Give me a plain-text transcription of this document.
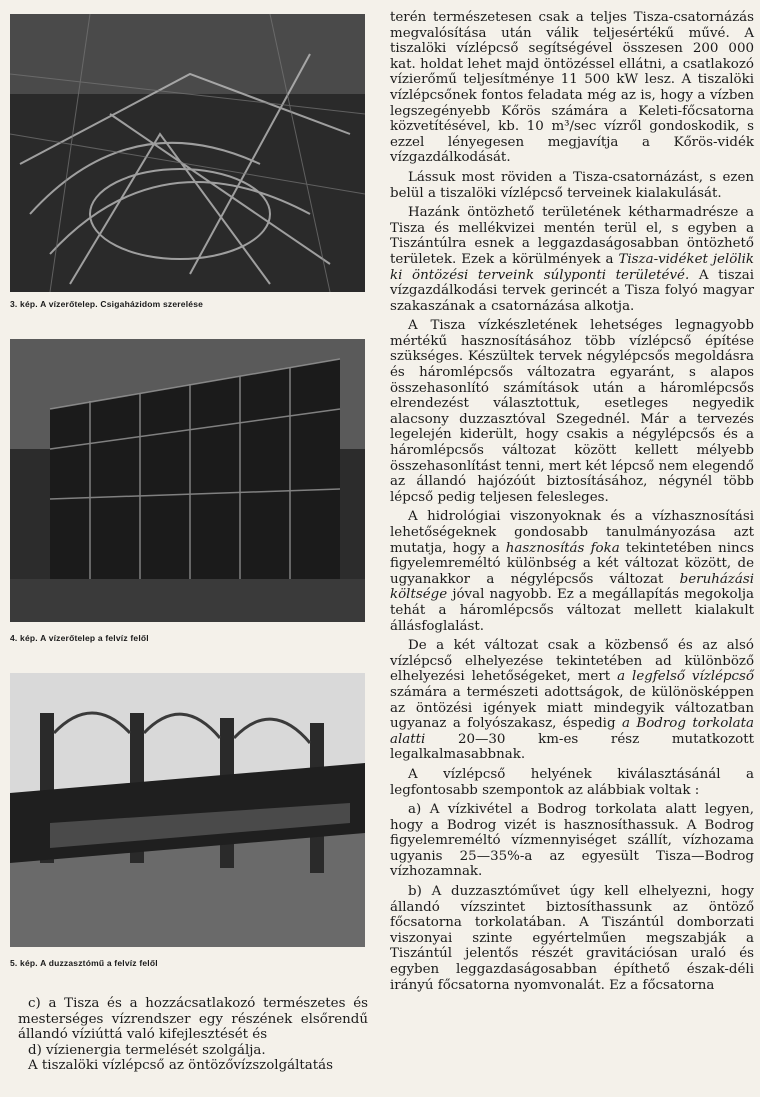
3. kép. A vízerőtelep. Csigaházidom szerelése
4. kép. A vízerőtelep a felvíz felől
5. kép. A duzzasztómű a felvíz felől

c) a Tisza és a hozzácsatlakozó természetes és mesterséges vízrendszer egy részének elsőrendű állandó víziúttá való kifejlesztését és

d) vízienergia termelését szolgálja.

A tiszalöki vízlépcső az öntözővízszolgáltatás

terén természetesen csak a teljes Tisza-csatornázás megvalósítása után válik teljesértékű művé. A tiszalöki vízlépcső segítségével összesen 200 000 kat. holdat lehet majd öntözéssel ellátni, a csatlakozó vízierőmű teljesítménye 11 500 kW lesz. A tiszalöki vízlépcsőnek fontos feladata még az is, hogy a vízben legszegényebb Kőrös számára a Keleti-főcsatorna közvetítésével, kb. 10 m³/sec vízről gondoskodik, s ezzel lényegesen megjavítja a Kőrös-vidék vízgazdálkodását.

Lássuk most röviden a Tisza-csatornázást, s ezen belül a tiszalöki vízlépcső terveinek kialakulását.

Hazánk öntözhető területének kétharmadrésze a Tisza és mellékvizei mentén terül el, s egyben a Tiszántúlra esnek a leggazdaságosabban öntözhető területek. Ezek a körülmények a Tisza-vidéket jelölik ki öntözési terveink súlyponti területévé. A tiszai vízgazdálkodási tervek gerincét a Tisza folyó magyar szakaszának a csatornázása alkotja.

A Tisza vízkészletének lehetséges legnagyobb mértékű hasznosításához több vízlépcső építése szükséges. Készültek tervek négylépcsős megoldásra és háromlépcsős változatra egyaránt, s alapos összehasonlító számítások után a háromlépcsős elrendezést választottuk, esetleges negyedik alacsony duzzasztóval Szegednél. Már a tervezés legelején kiderült, hogy csakis a négylépcsős és a háromlépcsős változat között kellett mélyebb összehasonlítást tenni, mert két lépcső nem elegendő az állandó hajózóút biztosításához, négynél több lépcső pedig teljesen felesleges.

A hidrológiai viszonyoknak és a vízhasznosítási lehetőségeknek gondosabb tanulmányozása azt mutatja, hogy a hasznosítás foka tekintetében nincs figyelemreméltó különbség a két változat között, de ugyanakkor a négylépcsős változat beruházási költsége jóval nagyobb. Ez a megállapítás megokolja tehát a háromlépcsős változat mellett kialakult állásfoglalást.

De a két változat csak a közbenső és az alsó vízlépcső elhelyezése tekintetében ad különböző elhelyezési lehetőségeket, mert a legfelső vízlépcső számára a természeti adottságok, de különösképpen az öntözési igények miatt mindegyik változatban ugyanaz a folyószakasz, éspedig a Bodrog torkolata alatti 20—30 km-es rész mutatkozott legalkalmasabbnak.

A vízlépcső helyének kiválasztásánál a legfontosabb szempontok az alábbiak voltak :

a) A vízkivétel a Bodrog torkolata alatt legyen, hogy a Bodrog vizét is hasznosíthassuk. A Bodrog figyelemreméltó vízmennyiséget szállít, vízhozama ugyanis 25—35%-a az egyesült Tisza—Bodrog vízhozamnak.

b) A duzzasztóművet úgy kell elhelyezni, hogy állandó vízszintet biztosíthassunk az öntöző főcsatorna torkolatában. A Tiszántúl domborzati viszonyai szinte egyértelműen megszabják a Tiszántúl jelentős részét gravitációsan uraló és egyben leggazdaságosabban építhető észak-déli irányú főcsatorna nyomvonalát. Ez a főcsatorna
